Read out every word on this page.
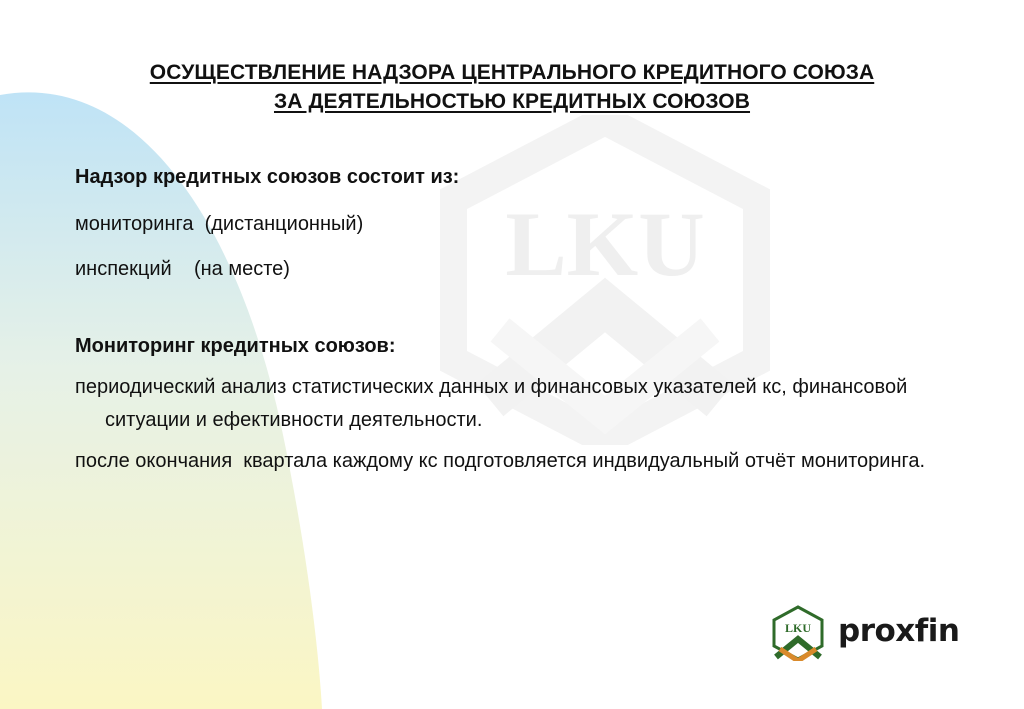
LKU
ОСУЩЕСТВЛЕНИЕ НАДЗОРА ЦЕНТРАЛЬНОГО КРЕДИТНОГО СОЮЗА
ЗА ДЕЯТЕЛЬНОСТЬЮ КРЕДИТНЫХ СОЮЗОВ

Надзор кредитных союзов состоит из:

мониторинга  (дистанционный)

инспекций    (на месте)

Мониторинг кредитных союзов:

периодический анализ статистических данных и финансовых указателей кс, финансовой ситуации и ефективности деятельности.

после окончания  квартала каждому кс подготовляется индвидуальный отчёт мониторинга.

LKU proxfin
